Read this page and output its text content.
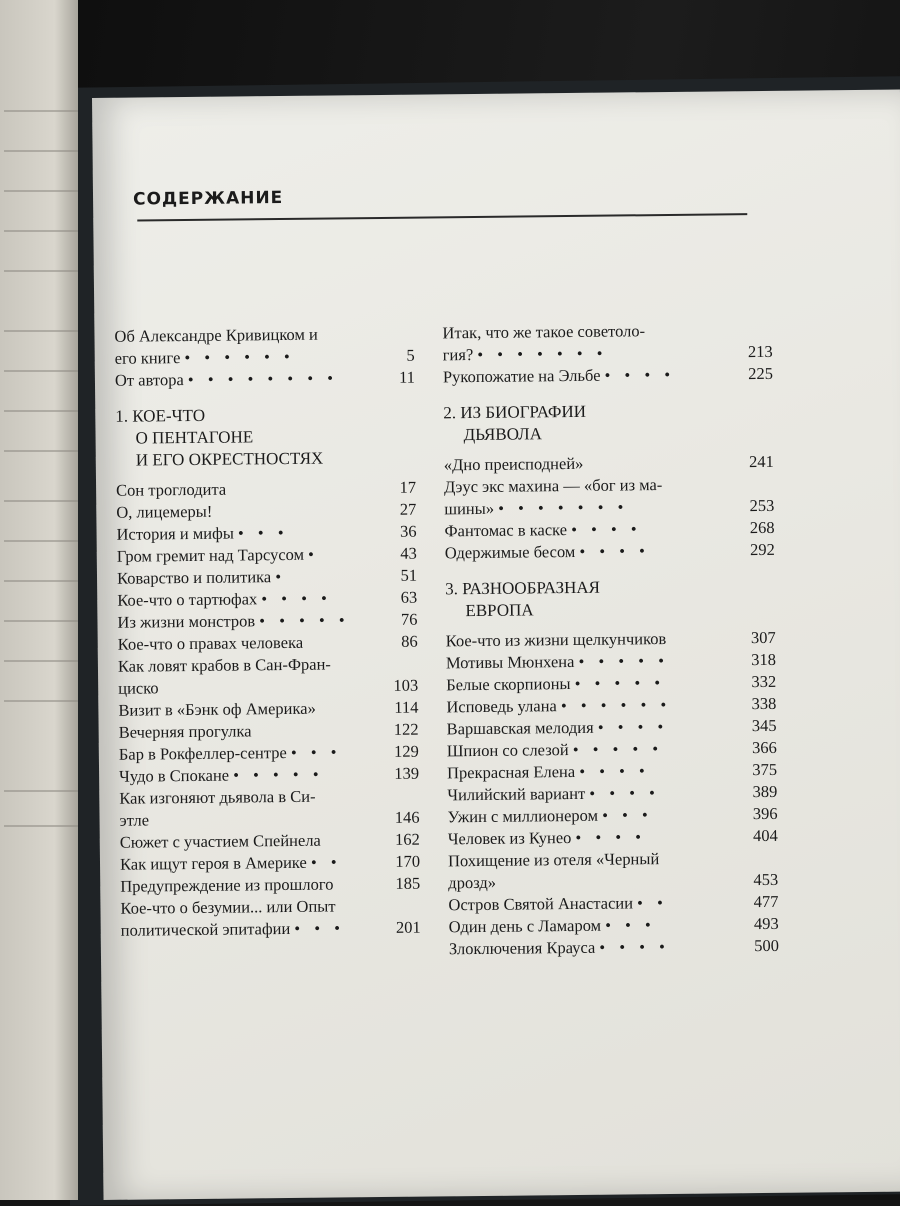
СОДЕРЖАНИЕ
Об Александре Кривицком и
его книге • • • • • •	5
От автора • • • • • • • •	11
1. КОЕ-ЧТО
О ПЕНТАГОНЕ
И ЕГО ОКРЕСТНОСТЯХ
Сон троглодита	17
О, лицемеры!	27
История и мифы • • •	36
Гром гремит над Тарсусом •	43
Коварство и политика •	51
Кое-что о тартюфах • • • •	63
Из жизни монстров • • • • •	76
Кое-что о правах человека	86
Как ловят крабов в Сан-Фран-
циско	103
Визит в «Бэнк оф Америка»	114
Вечерняя прогулка	122
Бар в Рокфеллер-сентре • • •	129
Чудо в Спокане • • • • •	139
Как изгоняют дьявола в Си-
этле	146
Сюжет с участием Спейнела	162
Как ищут героя в Америке • •	170
Предупреждение из прошлого	185
Кое-что о безумии... или Опыт
политической эпитафии • • •	201
Итак, что же такое советоло-
гия? • • • • • • •	213
Рукопожатие на Эльбе • • • •	225
2. ИЗ БИОГРАФИИ
ДЬЯВОЛА
«Дно преисподней»	241
Дэус экс махина — «бог из ма-
шины» • • • • • • •	253
Фантомас в каске • • • •	268
Одержимые бесом • • • •	292
3. РАЗНООБРАЗНАЯ
ЕВРОПА
Кое-что из жизни щелкунчиков	307
Мотивы Мюнхена • • • • •	318
Белые скорпионы • • • • •	332
Исповедь улана • • • • • •	338
Варшавская мелодия • • • •	345
Шпион со слезой • • • • •	366
Прекрасная Елена • • • •	375
Чилийский вариант • • • •	389
Ужин с миллионером • • •	396
Человек из Кунео • • • •	404
Похищение из отеля «Черный
дрозд»	453
Остров Святой Анастасии • •	477
Один день с Ламаром • • •	493
Злоключения Крауса • • • •	500
